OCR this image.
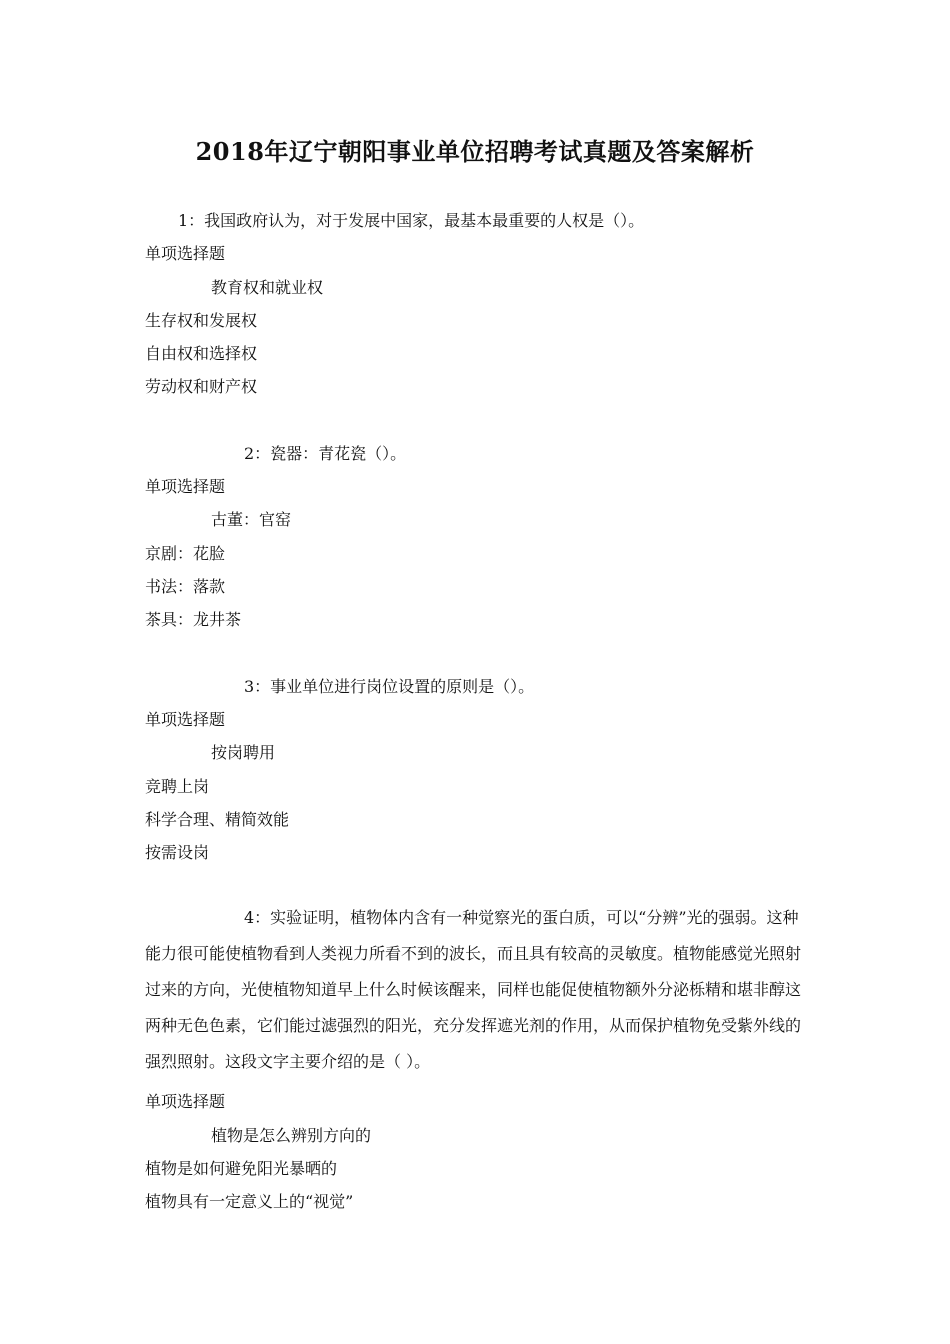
2018年辽宁朝阳事业单位招聘考试真题及答案解析
1：我国政府认为，对于发展中国家，最基本最重要的人权是（）。
单项选择题
教育权和就业权
生存权和发展权
自由权和选择权
劳动权和财产权
2：瓷器：青花瓷（）。
单项选择题
古董：官窑
京剧：花脸
书法：落款
茶具：龙井茶
3：事业单位进行岗位设置的原则是（）。
单项选择题
按岗聘用
竞聘上岗
科学合理、精简效能
按需设岗
4：实验证明，植物体内含有一种觉察光的蛋白质，可以“分辨”光的强弱。这种能力很可能使植物看到人类视力所看不到的波长，而且具有较高的灵敏度。植物能感觉光照射过来的方向，光使植物知道早上什么时候该醒来，同样也能促使植物额外分泌栎精和堪非醇这两种无色色素，它们能过滤强烈的阳光，充分发挥遮光剂的作用，从而保护植物免受紫外线的强烈照射。这段文字主要介绍的是（ ）。
单项选择题
植物是怎么辨别方向的
植物是如何避免阳光暴晒的
植物具有一定意义上的“视觉”
